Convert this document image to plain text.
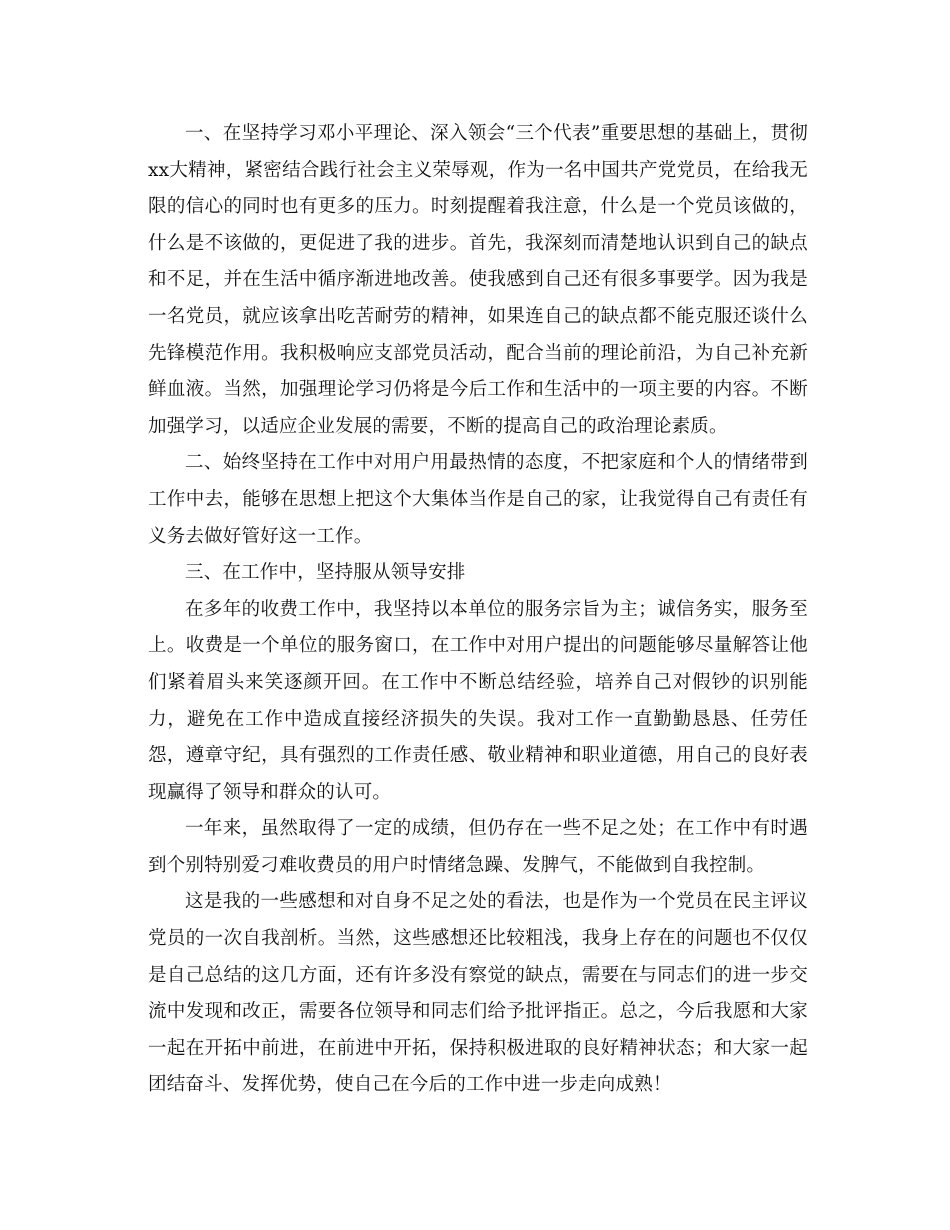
一、在坚持学习邓小平理论、深入领会“三个代表”重要思想的基础上，贯彻xx大精神，紧密结合践行社会主义荣辱观，作为一名中国共产党党员，在给我无限的信心的同时也有更多的压力。时刻提醒着我注意，什么是一个党员该做的，什么是不该做的，更促进了我的进步。首先，我深刻而清楚地认识到自己的缺点和不足，并在生活中循序渐进地改善。使我感到自己还有很多事要学。因为我是一名党员，就应该拿出吃苦耐劳的精神，如果连自己的缺点都不能克服还谈什么先锋模范作用。我积极响应支部党员活动，配合当前的理论前沿，为自己补充新鲜血液。当然，加强理论学习仍将是今后工作和生活中的一项主要的内容。不断加强学习，以适应企业发展的需要，不断的提高自己的政治理论素质。

二、始终坚持在工作中对用户用最热情的态度，不把家庭和个人的情绪带到工作中去，能够在思想上把这个大集体当作是自己的家，让我觉得自己有责任有义务去做好管好这一工作。

三、在工作中，坚持服从领导安排

在多年的收费工作中，我坚持以本单位的服务宗旨为主；诚信务实，服务至上。收费是一个单位的服务窗口，在工作中对用户提出的问题能够尽量解答让他们紧着眉头来笑逐颜开回。在工作中不断总结经验，培养自己对假钞的识别能力，避免在工作中造成直接经济损失的失误。我对工作一直勤勤恳恳、任劳任怨，遵章守纪，具有强烈的工作责任感、敬业精神和职业道德，用自己的良好表现赢得了领导和群众的认可。

一年来，虽然取得了一定的成绩，但仍存在一些不足之处；在工作中有时遇到个别特别爱刁难收费员的用户时情绪急躁、发脾气，不能做到自我控制。

这是我的一些感想和对自身不足之处的看法，也是作为一个党员在民主评议党员的一次自我剖析。当然，这些感想还比较粗浅，我身上存在的问题也不仅仅是自己总结的这几方面，还有许多没有察觉的缺点，需要在与同志们的进一步交流中发现和改正，需要各位领导和同志们给予批评指正。总之，今后我愿和大家一起在开拓中前进，在前进中开拓，保持积极进取的良好精神状态；和大家一起团结奋斗、发挥优势，使自己在今后的工作中进一步走向成熟！
